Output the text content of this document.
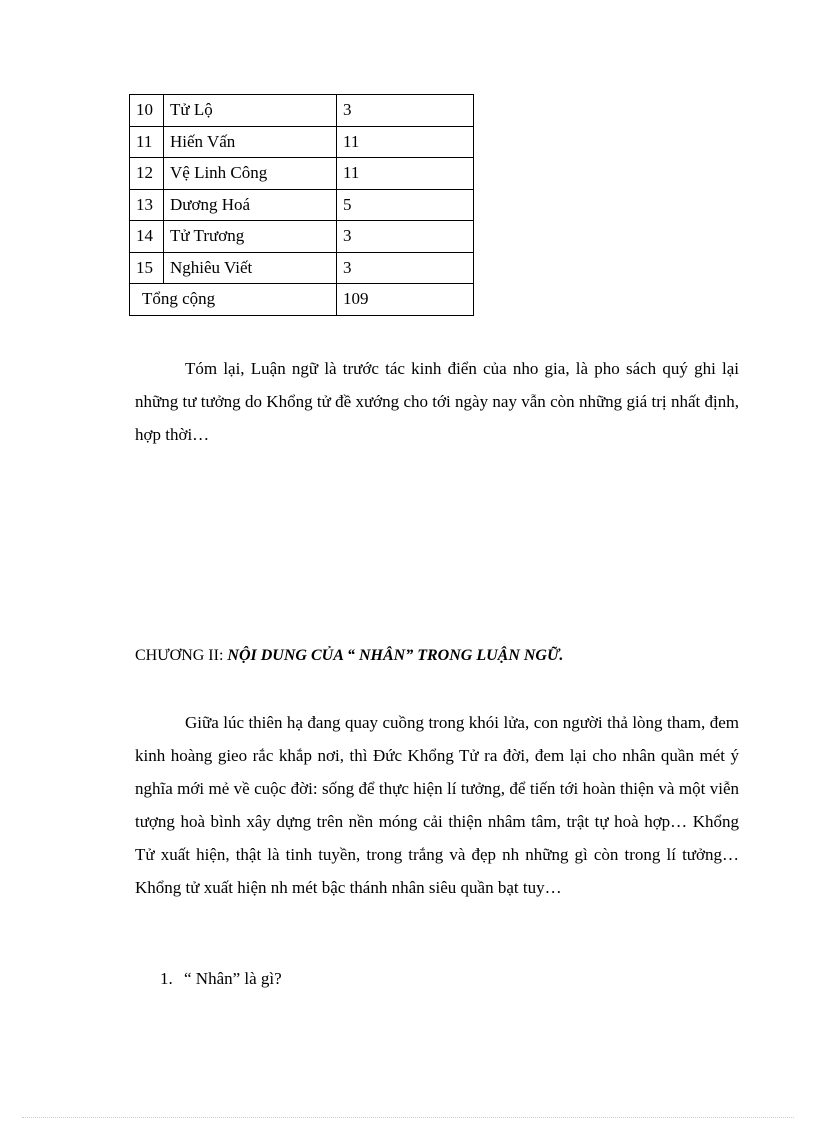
10	Tử Lộ	3
11	Hiến Vấn	11
12	Vệ Linh Công	11
13	Dương Hoá	5
14	Tử Trương	3
15	Nghiêu Viết	3
Tổng cộng		109

Tóm lại, Luận ngữ là trước tác kinh điển của nho gia, là pho sách quý ghi lại những tư tưởng do Khổng tử đề xướng cho tới ngày nay vẫn còn những giá trị nhất định, hợp thời…

CHƯƠNG II: NỘI DUNG CỦA “ NHÂN” TRONG LUẬN NGỮ.

Giữa lúc thiên hạ đang quay cuồng trong khói lửa, con người thả lòng tham, đem kinh hoàng gieo rắc khắp nơi, thì Đức Khổng Tử ra đời, đem lại cho nhân quần mét ý nghĩa mới mẻ về cuộc đời: sống để thực hiện lí tưởng, để tiến tới hoàn thiện và một viễn tượng hoà bình xây dựng trên nền móng cải thiện nhâm tâm, trật tự hoà hợp… Khổng Tử xuất hiện, thật là tinh tuyền, trong trắng và đẹp nh những gì còn trong lí tưởng… Khổng tử xuất hiện nh mét bậc thánh nhân siêu quần bạt tuy…

1. “ Nhân” là gì?
